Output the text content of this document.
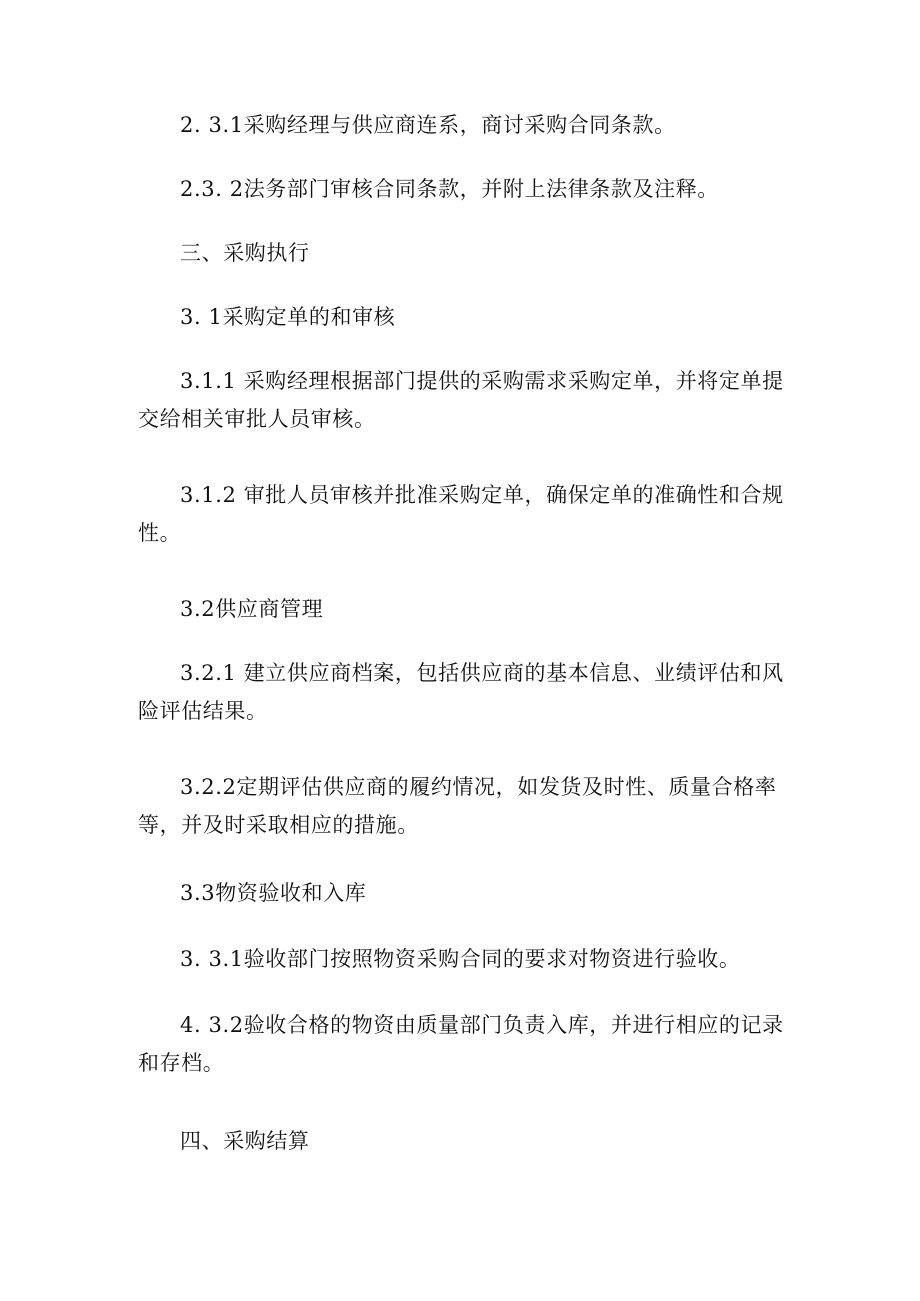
2. 3.1采购经理与供应商连系，商讨采购合同条款。

2.3. 2法务部门审核合同条款，并附上法律条款及注释。

三、采购执行

3. 1采购定单的和审核

3.1.1 采购经理根据部门提供的采购需求采购定单，并将定单提交给相关审批人员审核。

3.1.2 审批人员审核并批准采购定单，确保定单的准确性和合规性。

3.2供应商管理

3.2.1 建立供应商档案，包括供应商的基本信息、业绩评估和风险评估结果。

3.2.2定期评估供应商的履约情况，如发货及时性、质量合格率等，并及时采取相应的措施。

3.3物资验收和入库

3. 3.1验收部门按照物资采购合同的要求对物资进行验收。

4. 3.2验收合格的物资由质量部门负责入库，并进行相应的记录和存档。

四、采购结算
